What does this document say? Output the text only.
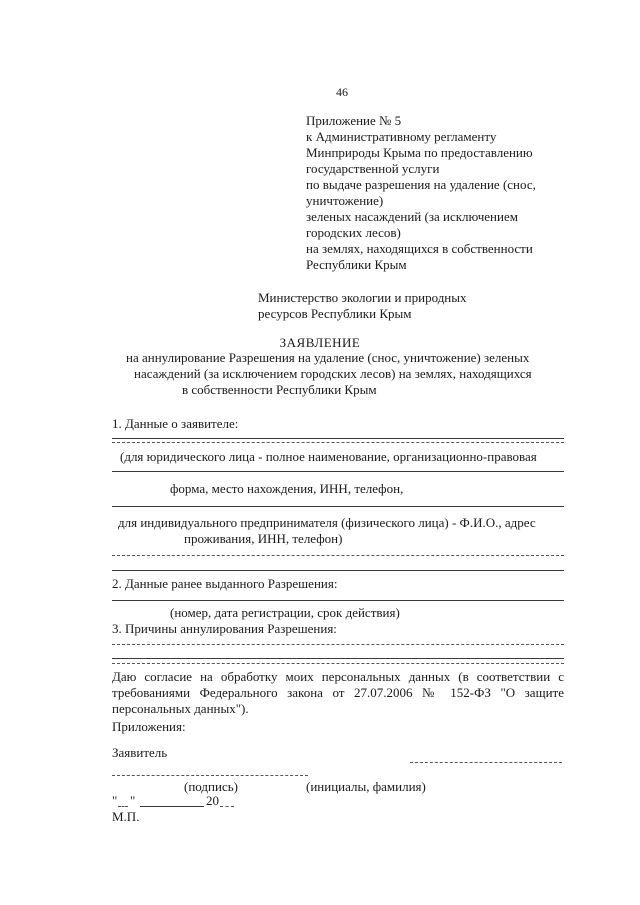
46
Приложение № 5
к Административному регламенту
Минприроды Крыма по предоставлению
государственной услуги
по выдаче разрешения на удаление (снос,
уничтожение)
зеленых насаждений (за исключением
городских лесов)
на землях, находящихся в собственности
Республики Крым
Министерство экологии и природных
ресурсов Республики Крым
ЗАЯВЛЕНИЕ
на аннулирование Разрешения на удаление (снос, уничтожение) зеленых
насаждений (за исключением городских лесов) на землях, находящихся
в собственности Республики Крым
1. Данные о заявителе:
(для юридического лица - полное наименование, организационно-правовая
форма, место нахождения, ИНН, телефон,
для индивидуального предпринимателя (физического лица) - Ф.И.О., адрес
проживания, ИНН, телефон)
2. Данные ранее выданного Разрешения:
(номер, дата регистрации, срок действия)
3. Причины аннулирования Разрешения:

Даю согласие на обработку моих персональных данных (в соответствии с требованиями Федерального закона от 27.07.2006 № 152-ФЗ "О защите персональных данных").

Приложения:

Заявитель
(подпись)	(инициалы, фамилия)
" "	20
М.П.
